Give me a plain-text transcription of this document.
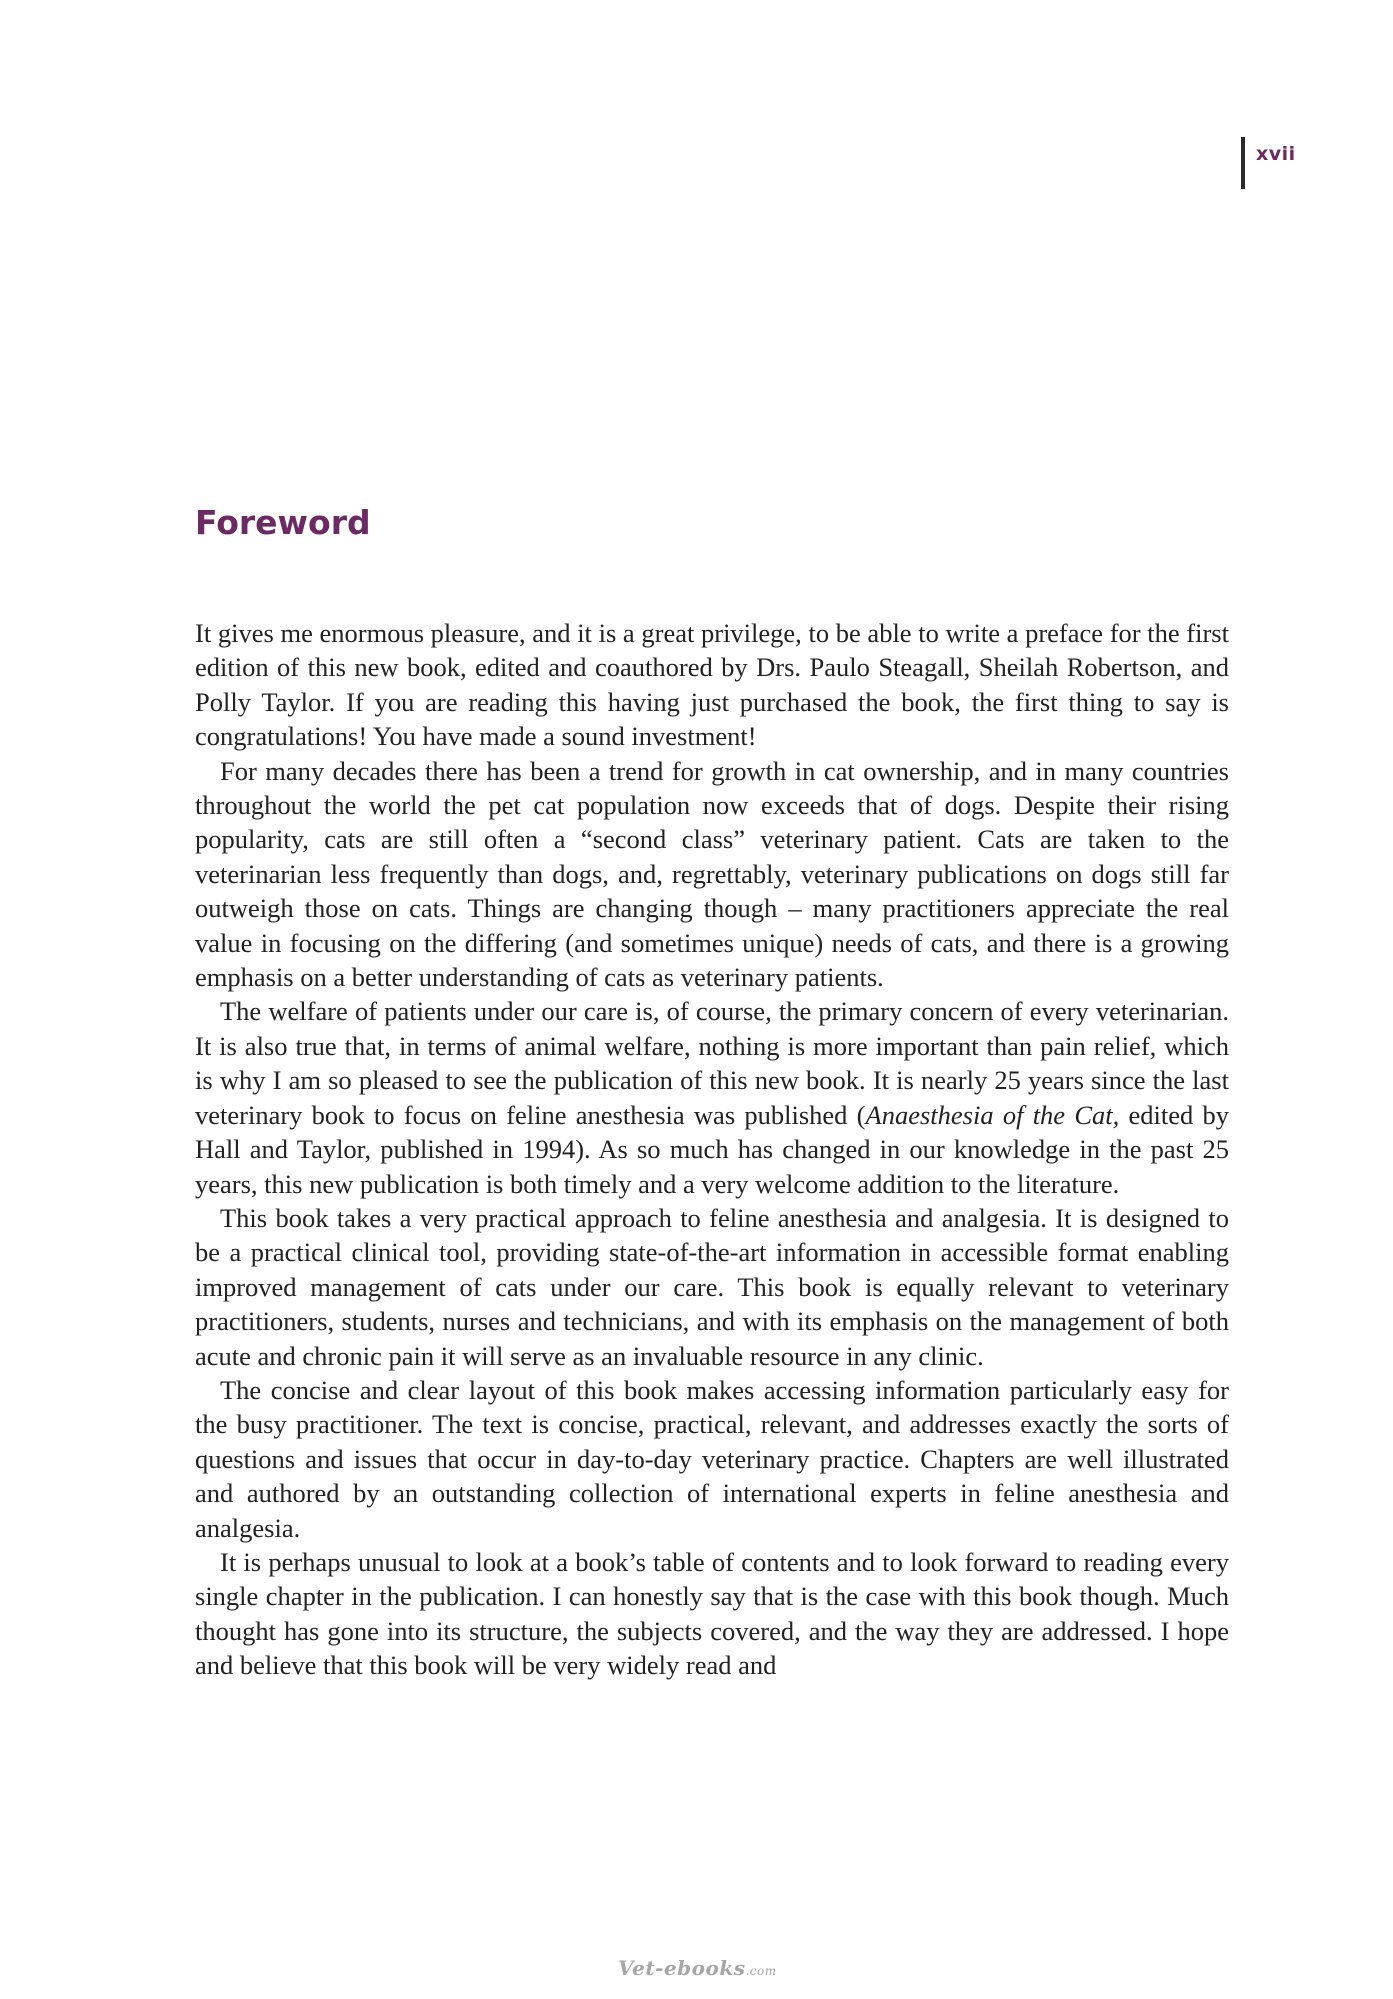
xvii
Foreword

It gives me enormous pleasure, and it is a great privilege, to be able to write a preface for the first edition of this new book, edited and coauthored by Drs. Paulo Steagall, Sheilah Robertson, and Polly Taylor. If you are reading this having just purchased the book, the first thing to say is congratulations! You have made a sound investment!

For many decades there has been a trend for growth in cat ownership, and in many countries throughout the world the pet cat population now exceeds that of dogs. Despite their rising popularity, cats are still often a “second class” veterinary patient. Cats are taken to the veterinarian less frequently than dogs, and, regrettably, veterinary publications on dogs still far outweigh those on cats. Things are changing though – many practitioners appreciate the real value in focusing on the differing (and sometimes unique) needs of cats, and there is a growing emphasis on a better understanding of cats as veterinary patients.

The welfare of patients under our care is, of course, the primary concern of every veterinarian. It is also true that, in terms of animal welfare, nothing is more important than pain relief, which is why I am so pleased to see the publication of this new book. It is nearly 25 years since the last veterinary book to focus on feline anesthesia was published (Anaesthesia of the Cat, edited by Hall and Taylor, published in 1994). As so much has changed in our knowledge in the past 25 years, this new publication is both timely and a very welcome addition to the literature.

This book takes a very practical approach to feline anesthesia and analgesia. It is designed to be a practical clinical tool, providing state-of-the-art information in accessible format enabling improved management of cats under our care. This book is equally relevant to veterinary practitioners, students, nurses and technicians, and with its emphasis on the management of both acute and chronic pain it will serve as an invaluable resource in any clinic.

The concise and clear layout of this book makes accessing information particularly easy for the busy practitioner. The text is concise, practical, relevant, and addresses exactly the sorts of questions and issues that occur in day-to-day veterinary practice. Chapters are well illustrated and authored by an outstanding collection of international experts in feline anesthesia and analgesia.

It is perhaps unusual to look at a book’s table of contents and to look forward to reading every single chapter in the publication. I can honestly say that is the case with this book though. Much thought has gone into its structure, the subjects covered, and the way they are addressed. I hope and believe that this book will be very widely read and

Vet-ebooks.com
